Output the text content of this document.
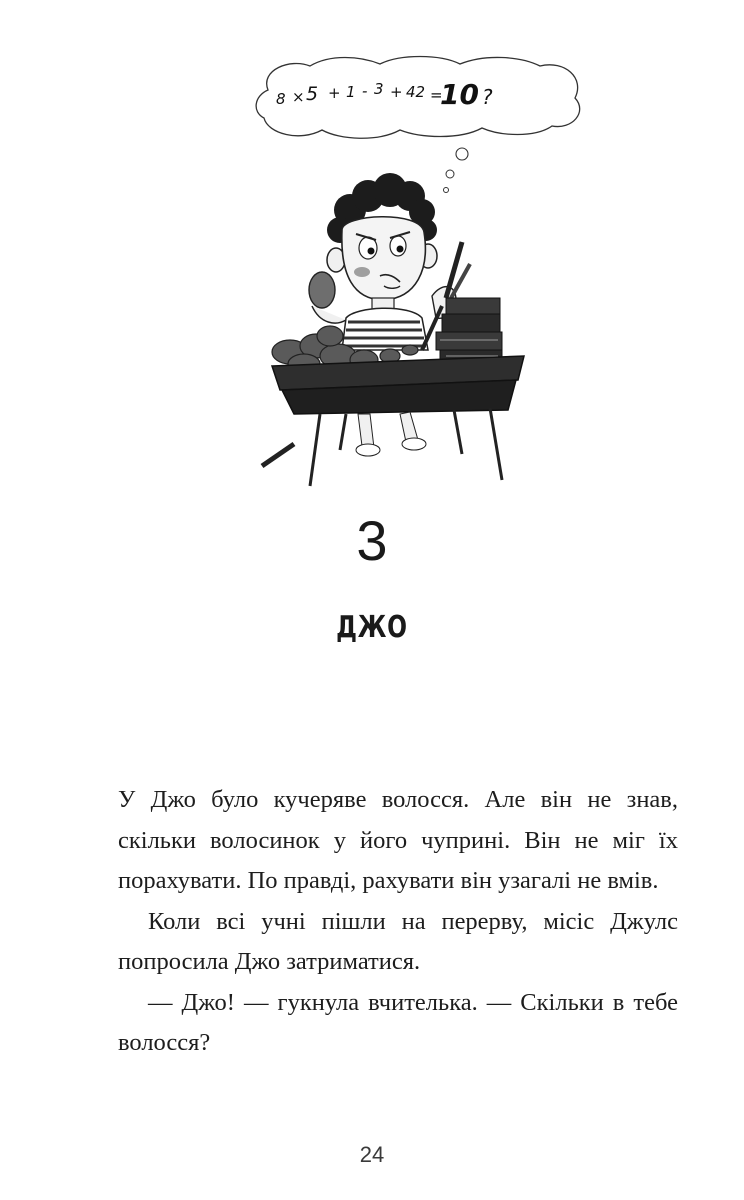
8 × 5 + 1 - 3 + 42 =
10 ?
3
ДЖО

У Джо було кучеряве волосся. Але він не знав, скільки волосинок у його чуприні. Він не міг їх порахувати. По правді, рахувати він узагалі не вмів.

Коли всі учні пішли на перерву, місіс Джулс попросила Джо затриматися.

— Джо! — гукнула вчителька. — Скільки в тебе волосся?

24
